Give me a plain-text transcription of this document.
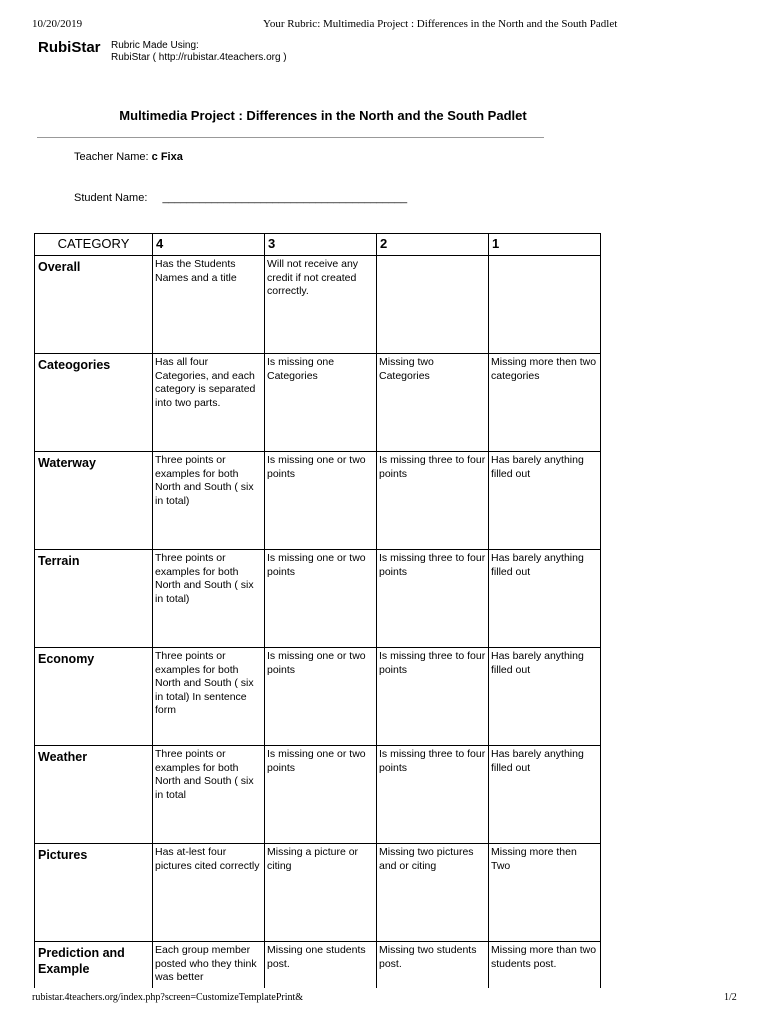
10/20/2019	Your Rubric: Multimedia Project : Differences in the North and the South Padlet
RubiStar Rubric Made Using:
RubiStar ( http://rubistar.4teachers.org )
Multimedia Project : Differences in the North and the South Padlet
Teacher Name: c Fixa
Student Name: ________________________________________
CATEGORY	4	3	2	1
Overall	Has the Students Names and a title	Will not receive any credit if not created correctly.		
Cateogories	Has all four Categories, and each category is separated into two parts.	Is missing one Categories	Missing two Categories	Missing more then two categories
Waterway	Three points or examples for both North and South ( six in total)	Is missing one or two points	Is missing three to four points	Has barely anything filled out
Terrain	Three points or examples for both North and South ( six in total)	Is missing one or two points	Is missing three to four points	Has barely anything filled out
Economy	Three points or examples for both North and South ( six in total) In sentence form	Is missing one or two points	Is missing three to four points	Has barely anything filled out
Weather	Three points or examples for both North and South ( six in total	Is missing one or two points	Is missing three to four points	Has barely anything filled out
Pictures	Has at-lest four pictures cited correctly	Missing a picture or citing	Missing two pictures and or citing	Missing more then Two
Prediction and Example	Each group member posted who they think was better	Missing one students post.	Missing two students post.	Missing more than two students post.
rubistar.4teachers.org/index.php?screen=CustomizeTemplatePrint&	1/2
